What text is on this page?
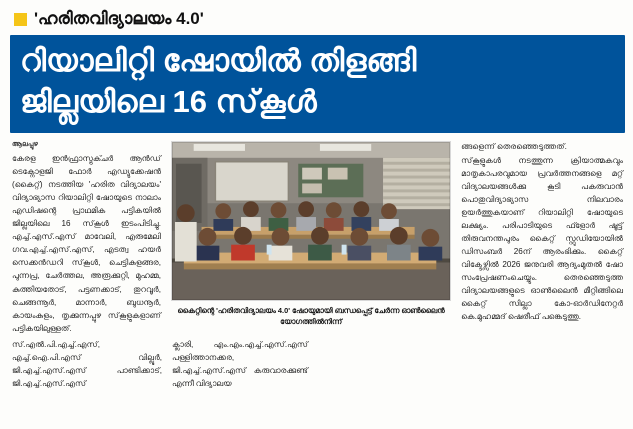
'ഹരിതവിദ്യാലയം 4.0'
റിയാലിറ്റി ഷോയില്‍ തിളങ്ങി
ജില്ലയിലെ 16 സ്‌കൂള്‍
ആലപ്പുഴ
കേരള ഇന്‍ഫ്രാസ്ട്രക്ചര്‍ ആന്‍ഡ് ടെക്നോളജി ഫോര്‍ എഡ്യുക്കേഷന്‍ (കൈറ്റ്) നടത്തിയ 'ഹരിത വിദ്യാലയം' വിദ്യാഭ്യാസ റിയാലിറ്റി ഷോയുടെ നാലാം എഡിഷന്റെ പ്രാഥമിക പട്ടികയില്‍ ജില്ലയിലെ 16 സ്‌കൂള്‍ ഇടംപിടിച്ചു. എച്ച്.എസ്.എസ് മാവേലി, എരുമേലി ഗവ.എച്ച്.എസ്.എസ്, എടത്വ ഹയര്‍ സെക്കന്‍ഡറി സ്‌കൂള്‍, ചെട്ടികുളങ്ങര, പുന്നപ്ര, ചേര്‍ത്തല, അരൂക്കുറ്റി, മുഹമ്മ, കുത്തിയതോട്, പട്ടണക്കാട്, തുറവൂര്‍, ചെങ്ങന്നൂര്‍, മാന്നാര്‍, ബുധനൂര്‍, കായംകുളം, തൃക്കുന്നപ്പുഴ സ്‌കൂളുകളാണ് പട്ടികയിലുള്ളത്.
കൈറ്റിന്റെ 'ഹരിതവിദ്യാലയം 4.0' ഷോയുമായി ബന്ധപ്പെട്ട് ചേര്‍ന്ന ഓണ്‍ലൈന്‍ യോഗത്തില്‍നിന്ന്
ങ്ങളെന്ന് തെരഞ്ഞെടുത്തത്.
സ്‌കൂളുകള്‍ നടത്തുന്ന ക്രിയാത്മകവും മാതൃകാപരവുമായ പ്രവര്‍ത്തനങ്ങളെ മറ്റ് വിദ്യാലയങ്ങള്‍ക്കു കൂടി പകരുവാന്‍ പൊതുവിദ്യാഭ്യാസ നിലവാരം ഉയര്‍ത്തുകയാണ് റിയാലിറ്റി ഷോയുടെ ലക്ഷ്യം. പരിപാടിയുടെ ഫ്ളോര്‍ ഷൂട്ട് തിരുവനന്തപുരം കൈറ്റ് സ്റ്റുഡിയോയില്‍ ഡിസംബര്‍ 26ന് ആരംഭിക്കും. കൈറ്റ് വിക്ടേഴ്സില്‍ 2026 ജനുവരി ആദ്യംമുതല്‍ ഷോ സംപ്രേഷണംചെയ്യും. തെരഞ്ഞെടുത്ത വിദ്യാലയങ്ങളുടെ ഓണ്‍ലൈന്‍ മീറ്റിങ്ങിലെ കൈറ്റ് സില്ലാ കോ-ഓര്‍ഡിനേറ്റര്‍ കെ.മുഹമ്മദ് ഷെരീഫ് പങ്കെടുത്തു.
സ്.എല്‍.പി.എച്ച്.എസ്, എച്ച്.ഐ.പി.എസ് വില്ലൂര്‍, ജി.എച്ച്.എസ്.എസ് പാണ്ടിക്കാട്, ജി.എച്ച്.എസ്.എസ്
ക്ലാരി, എം.എം.എച്ച്.എസ്.എസ് പള്ളിത്താനക്കര, ജി.എച്ച്.എസ്.എസ് കരുവാരക്കുണ്ട് എന്നീ വിദ്യാലയ
